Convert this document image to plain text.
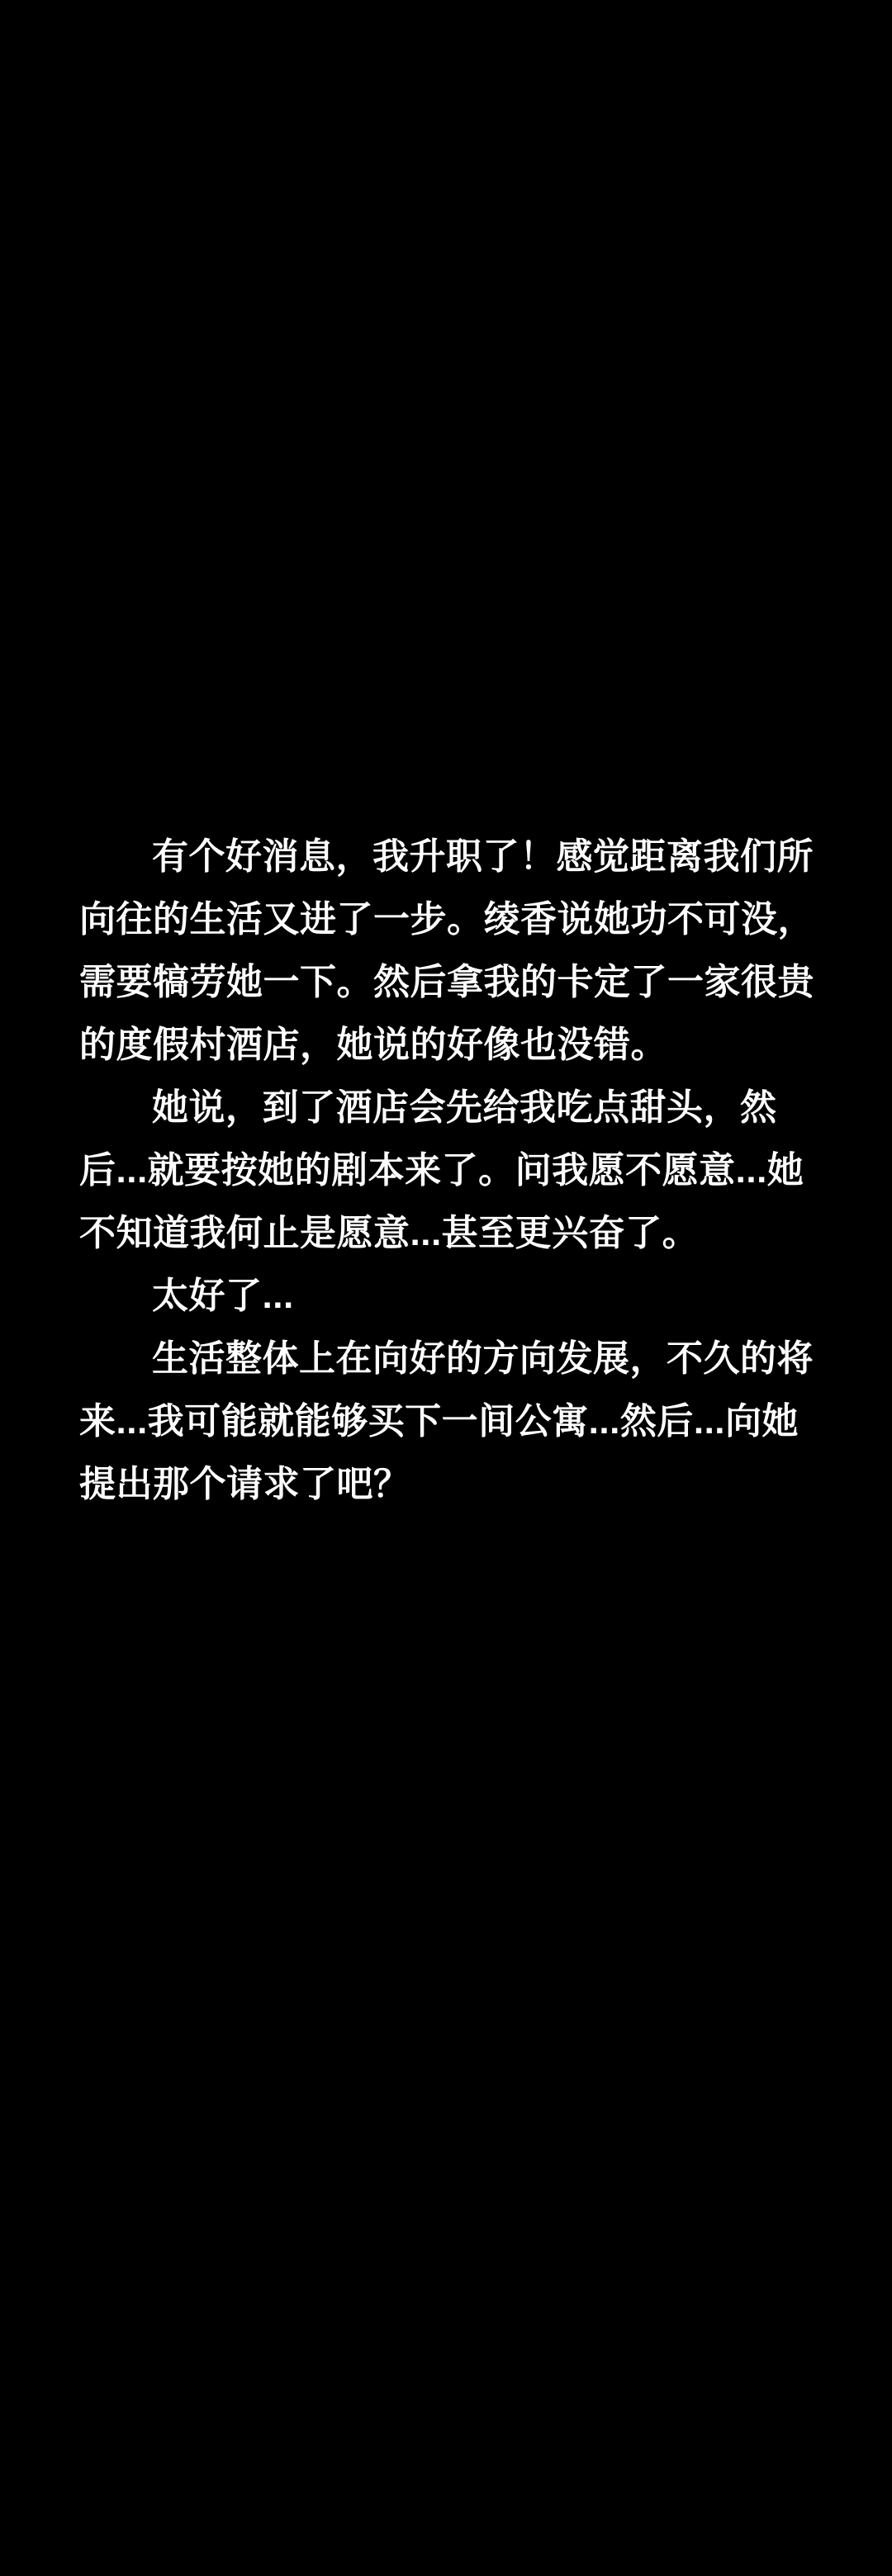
有个好消息，我升职了！感觉距离我们所向往的生活又进了一步。绫香说她功不可没，需要犒劳她一下。然后拿我的卡定了一家很贵的度假村酒店，她说的好像也没错。

她说，到了酒店会先给我吃点甜头，然后...就要按她的剧本来了。问我愿不愿意...她不知道我何止是愿意...甚至更兴奋了。

太好了...

生活整体上在向好的方向发展，不久的将来...我可能就能够买下一间公寓...然后...向她提出那个请求了吧？
